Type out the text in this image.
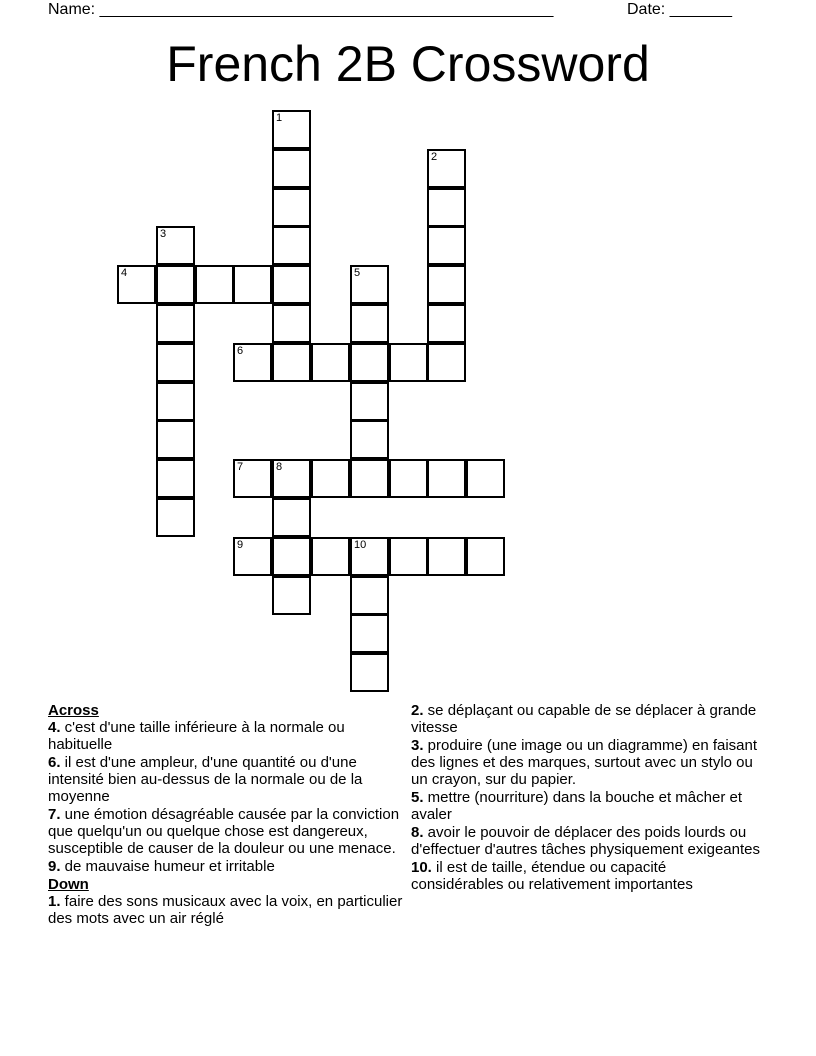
Name: ___________________________________________________	Date: _______
French 2B Crossword
1
2
3
4	5
6
7	8
9	10
Across
4. c'est d'une taille inférieure à la normale ou habituelle
6. il est d'une ampleur, d'une quantité ou d'une intensité bien au-dessus de la normale ou de la moyenne
7. une émotion désagréable causée par la conviction que quelqu'un ou quelque chose est dangereux, susceptible de causer de la douleur ou une menace.
9. de mauvaise humeur et irritable
Down
1. faire des sons musicaux avec la voix, en particulier des mots avec un air réglé
2. se déplaçant ou capable de se déplacer à grande vitesse
3. produire (une image ou un diagramme) en faisant des lignes et des marques, surtout avec un stylo ou un crayon, sur du papier.
5. mettre (nourriture) dans la bouche et mâcher et avaler
8. avoir le pouvoir de déplacer des poids lourds ou d'effectuer d'autres tâches physiquement exigeantes
10. il est de taille, étendue ou capacité considérables ou relativement importantes
